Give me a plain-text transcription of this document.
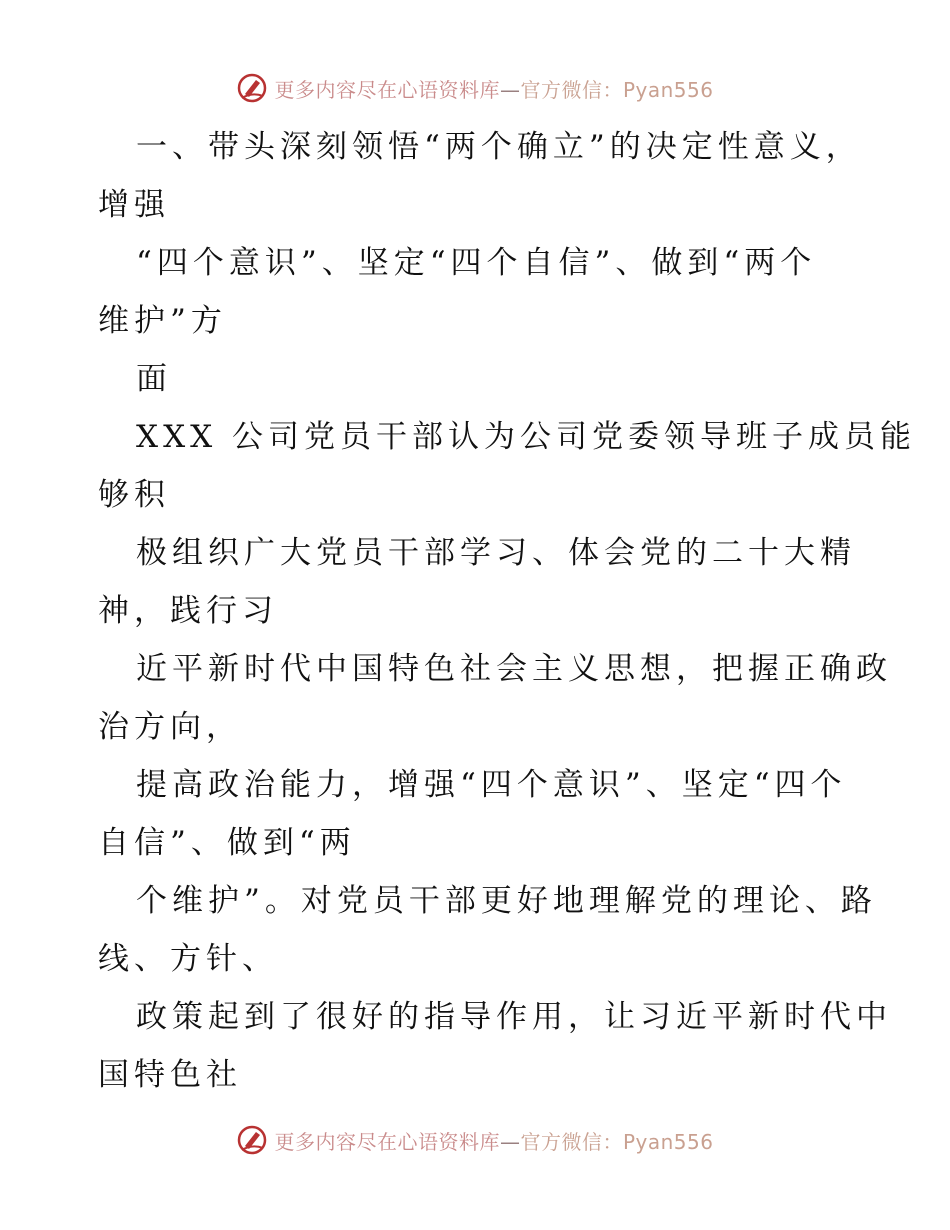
更多内容尽在心语资料库—官方微信：Pyan556
一、带头深刻领悟“两个确立”的决定性意义，
增强
“四个意识”、坚定“四个自信”、做到“两个
维护”方
面
XXX 公司党员干部认为公司党委领导班子成员能
够积
极组织广大党员干部学习、体会党的二十大精
神，践行习
近平新时代中国特色社会主义思想，把握正确政
治方向，
提高政治能力，增强“四个意识”、坚定“四个
自信”、做到“两
个维护”。对党员干部更好地理解党的理论、路
线、方针、
政策起到了很好的指导作用，让习近平新时代中
国特色社
更多内容尽在心语资料库—官方微信：Pyan556
